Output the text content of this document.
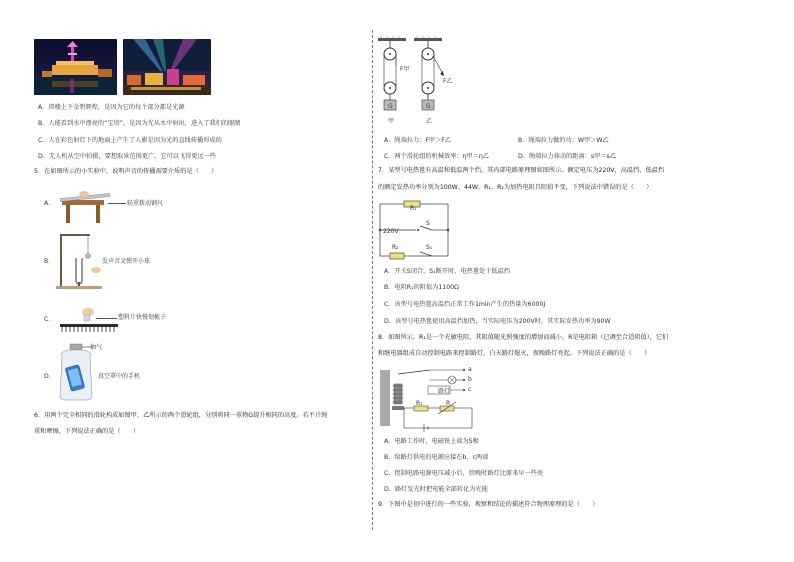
A．塔楼上下金碧辉煌，是因为它的每个部分都是光源
B．人能看到水中漂亮的“宝塔”，是因为光从水中射出，进入了我们的眼睛
C．人在彩色射灯下的地面上产生了人影是因为光的直线传播形成的
D．无人机从空中拍摄，要想取景范围更广，它可以飞得更远一些
5．在如图所示的小实验中，说明声音的传播需要介质的是（　　）
A．	轻重拨动钢尺
B．	发声音叉弹开小球
C．	塑料片快慢划梳子
D．
抽气
真空罩中的手机
6．用两个完全相同的滑轮构成如图甲、乙所示的两个滑轮组，分别将同一重物G提升相同的高度。若不计绳
重和摩擦，下列说法正确的是（　　）
F甲
F乙
G	G
甲	乙
A．绳端拉力：F甲＞F乙	B．绳端拉力做的功：W甲＞W乙
C．两个滑轮组的机械效率：η甲＝η乙	D．绳端拉力移动的距离：s甲＝s乙
7．某型号电热毯有高温和低温两个挡，其内部电路原理图如图所示。额定电压为220V，高温挡、低温挡
的额定发热功率分别为100W、44W，R₁、R₂为加热电阻且阻值不变，下列说法中错误的是（　　）
R₁
S
220V
R₂	S₁
A．开关S闭合，S₁断开时，电热毯处于低温挡
B．电阻R₁的阻值为1100Ω
C．该型号电热毯高温挡正常工作1min产生的热量为6000J
D．该型号电热毯使用高温挡加热，当实际电压为200V时，其实际发热功率为90W
8．如图所示，R₁是一个光敏电阻，其阻值随光照强度的增加而减小，R是电阻箱（已调至合适阻值），它们
和继电器组成自动控制电路来控制路灯，白天路灯熄灭，夜晚路灯亮起。下列说法正确的是（　　）
a
b
c
路灯
R₁	R
A．电路工作时，电磁铁上端为S极
B．给路灯供电的电源应接在b、c两端
C．控制电路电源电压减小后，傍晚时路灯比原来早一些亮
D．路灯发光时把电能全部转化为光能
9．下图中是初中进行的一些实验，观察和结论的描述符合物理原理的是（　　）
